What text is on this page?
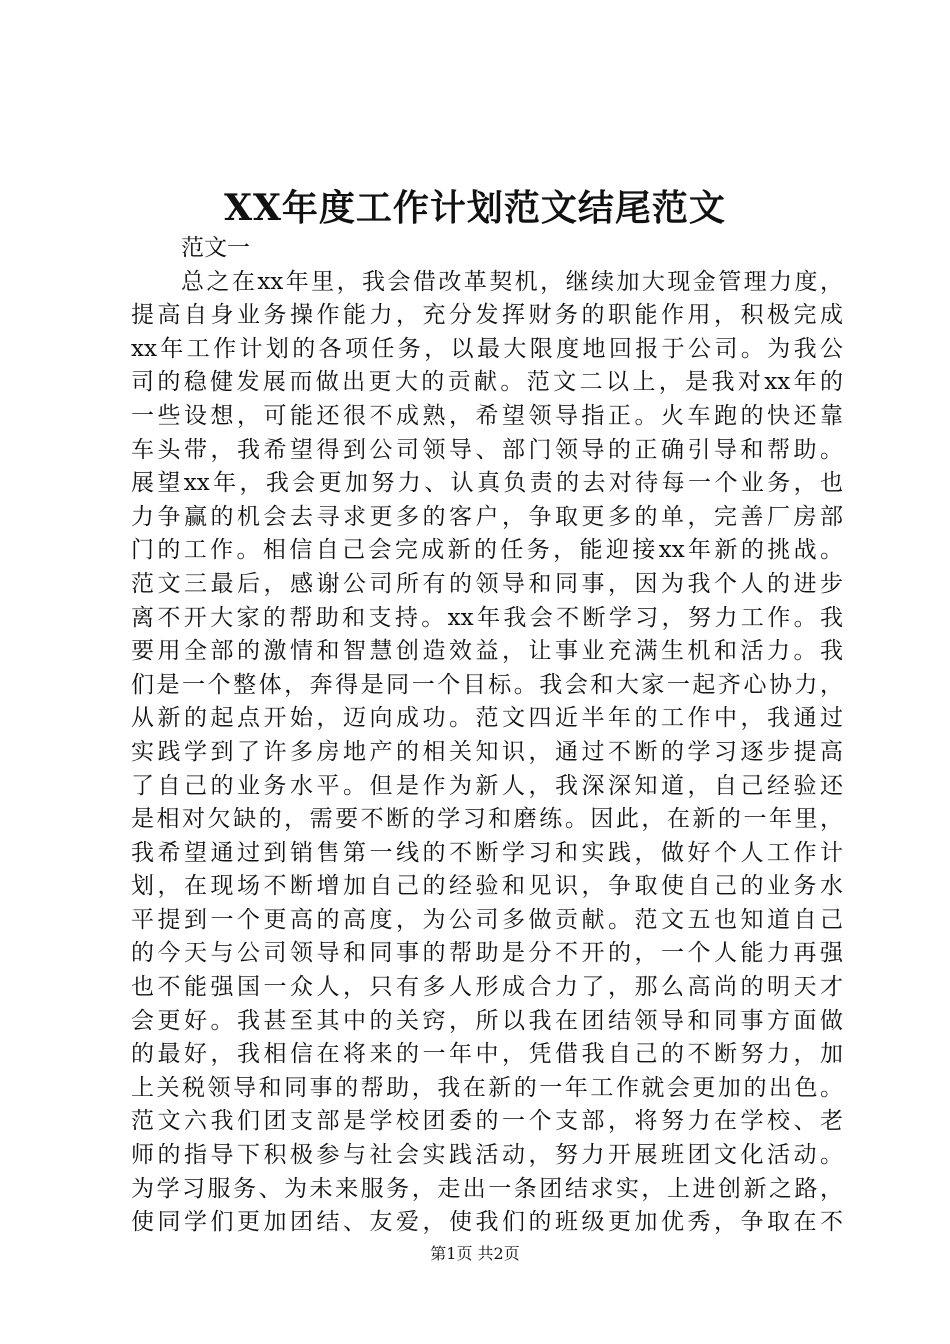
XX年度工作计划范文结尾范文
范文一
总之在xx年里，我会借改革契机，继续加大现金管理力度，
提高自身业务操作能力，充分发挥财务的职能作用，积极完成
xx年工作计划的各项任务，以最大限度地回报于公司。为我公
司的稳健发展而做出更大的贡献。范文二以上，是我对xx年的
一些设想，可能还很不成熟，希望领导指正。火车跑的快还靠
车头带，我希望得到公司领导、部门领导的正确引导和帮助。
展望xx年，我会更加努力、认真负责的去对待每一个业务，也
力争赢的机会去寻求更多的客户，争取更多的单，完善厂房部
门的工作。相信自己会完成新的任务，能迎接xx年新的挑战。
范文三最后，感谢公司所有的领导和同事，因为我个人的进步
离不开大家的帮助和支持。xx年我会不断学习，努力工作。我
要用全部的激情和智慧创造效益，让事业充满生机和活力。我
们是一个整体，奔得是同一个目标。我会和大家一起齐心协力，
从新的起点开始，迈向成功。范文四近半年的工作中，我通过
实践学到了许多房地产的相关知识，通过不断的学习逐步提高
了自己的业务水平。但是作为新人，我深深知道，自己经验还
是相对欠缺的，需要不断的学习和磨练。因此，在新的一年里，
我希望通过到销售第一线的不断学习和实践，做好个人工作计
划，在现场不断增加自己的经验和见识，争取使自己的业务水
平提到一个更高的高度，为公司多做贡献。范文五也知道自己
的今天与公司领导和同事的帮助是分不开的，一个人能力再强
也不能强国一众人，只有多人形成合力了，那么高尚的明天才
会更好。我甚至其中的关窍，所以我在团结领导和同事方面做
的最好，我相信在将来的一年中，凭借我自己的不断努力，加
上关税领导和同事的帮助，我在新的一年工作就会更加的出色。
范文六我们团支部是学校团委的一个支部，将努力在学校、老
师的指导下积极参与社会实践活动，努力开展班团文化活动。
为学习服务、为未来服务，走出一条团结求实，上进创新之路，
使同学们更加团结、友爱，使我们的班级更加优秀，争取在不
第1页 共2页
